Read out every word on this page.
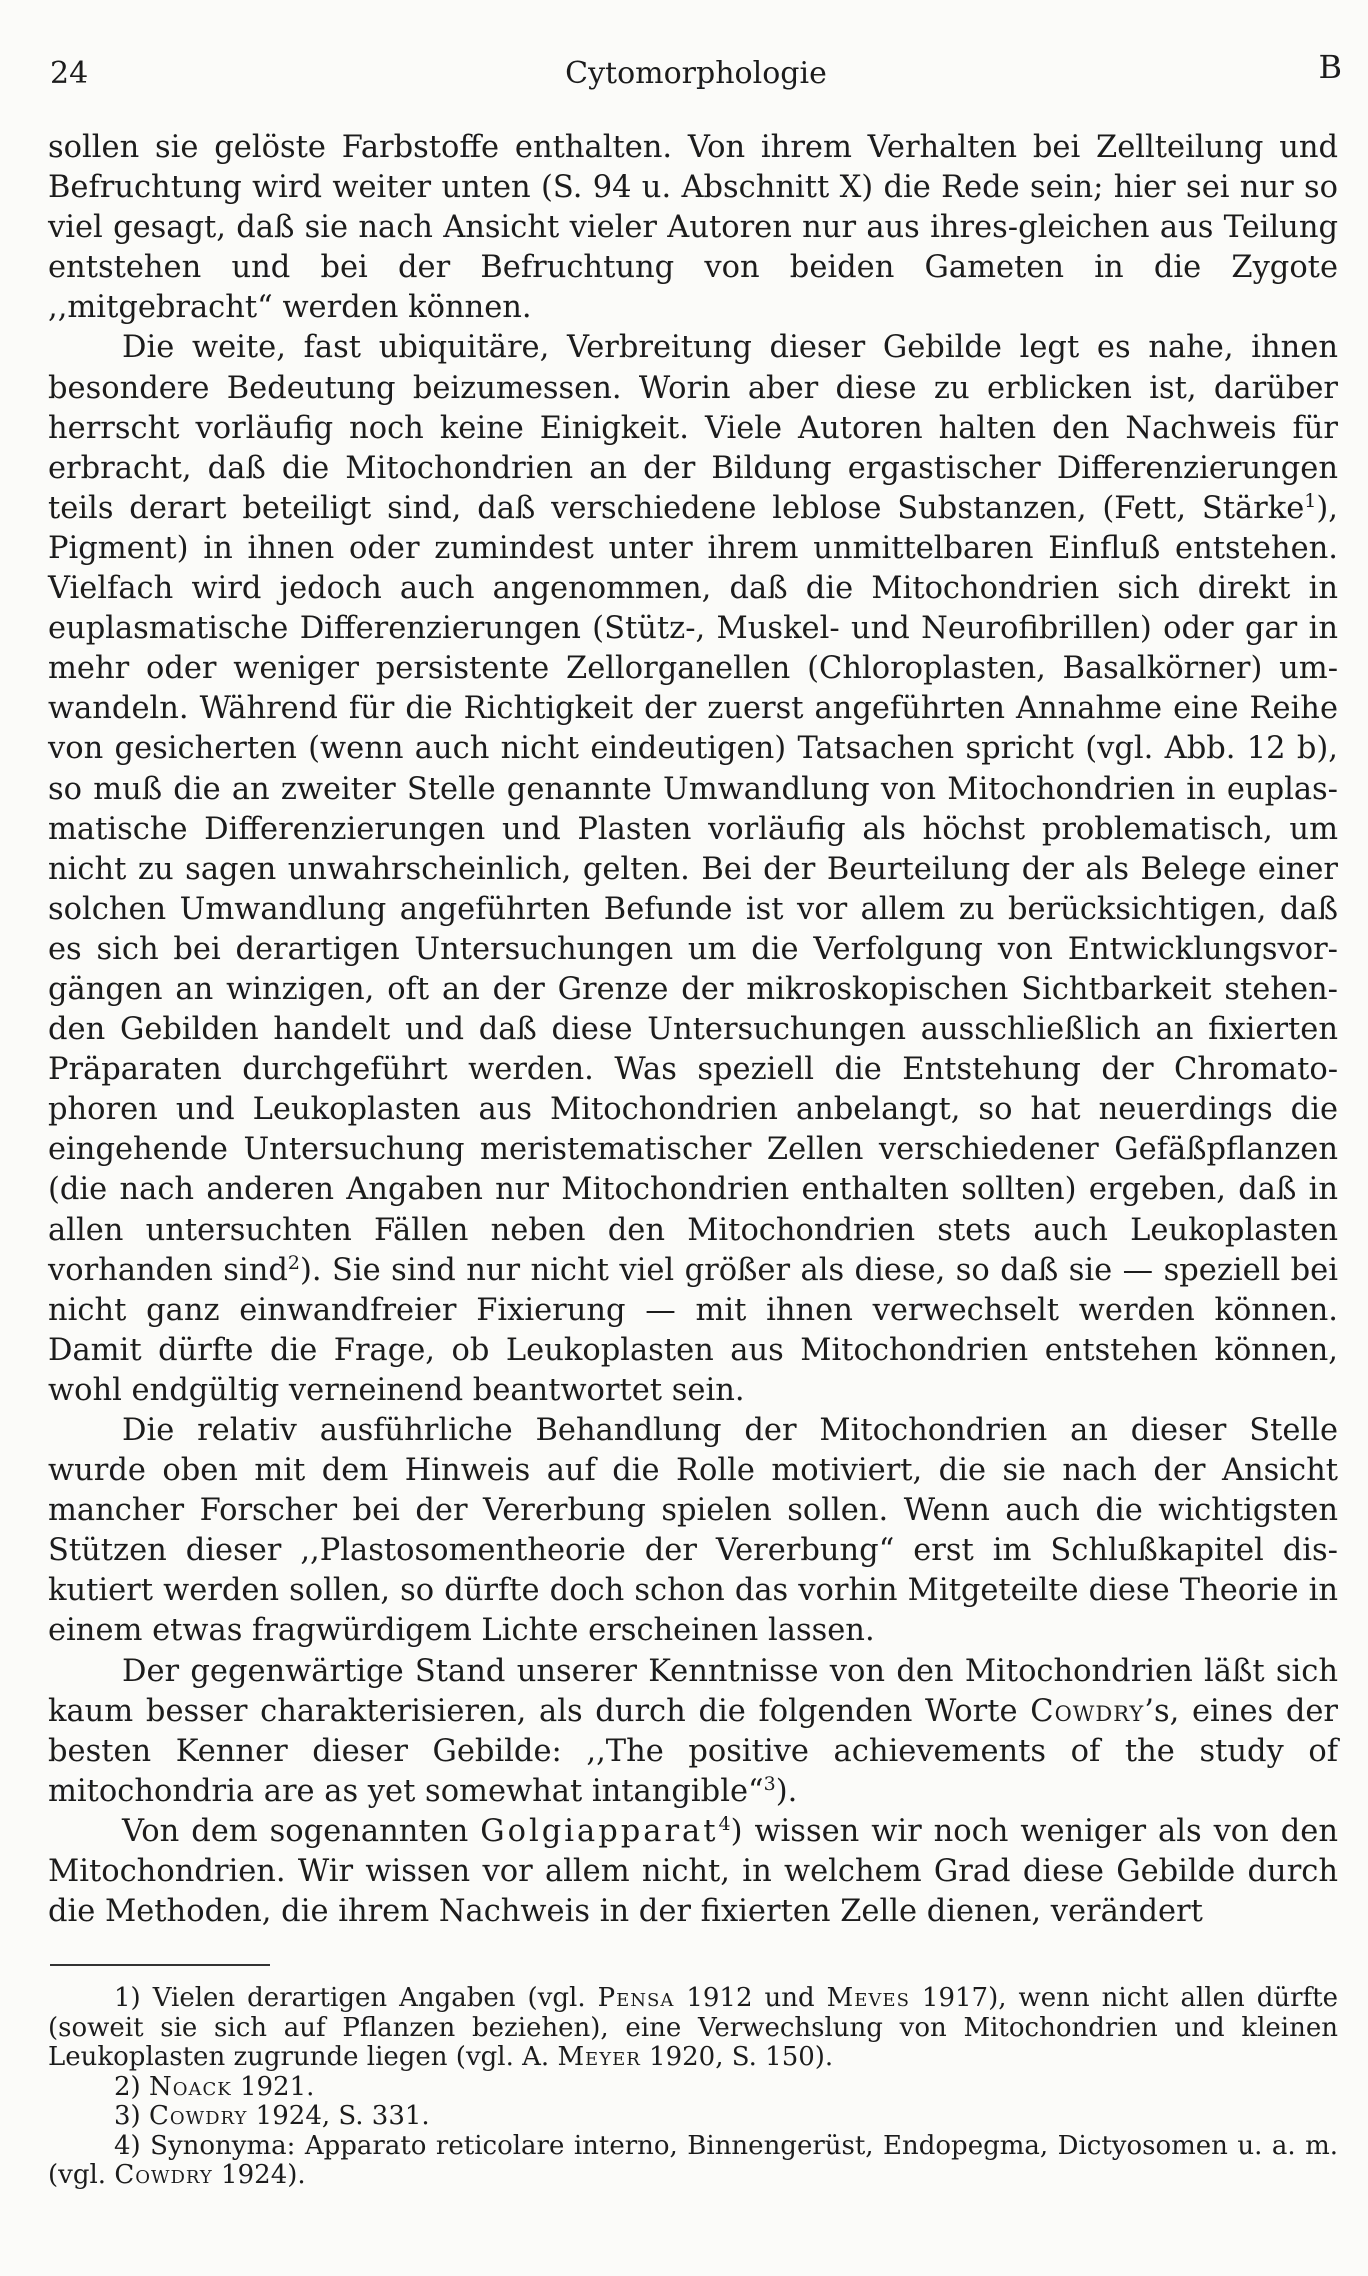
24	Cytomorphologie	B

sollen sie gelöste Farbstoffe enthalten. Von ihrem Verhalten bei Zellteilung und Befruchtung wird weiter unten (S. 94 u. Abschnitt X) die Rede sein; hier sei nur so viel gesagt, daß sie nach Ansicht vieler Autoren nur aus ihres-gleichen aus Teilung entstehen und bei der Befruchtung von beiden Gameten in die Zygote ,,mitgebracht“ werden können.

Die weite, fast ubiquitäre, Verbreitung dieser Gebilde legt es nahe, ihnen besondere Bedeutung beizumessen. Worin aber diese zu erblicken ist, darüber herrscht vorläufig noch keine Einigkeit. Viele Autoren halten den Nachweis für erbracht, daß die Mitochondrien an der Bildung ergastischer Differenzierungen teils derart beteiligt sind, daß verschiedene leblose Substanzen, (Fett, Stärke$^1$), Pigment) in ihnen oder zumindest unter ihrem unmittelbaren Einfluß entstehen. Vielfach wird jedoch auch angenommen, daß die Mitochondrien sich direkt in euplasmatische Differenzierungen (Stütz-, Muskel- und Neurofibrillen) oder gar in mehr oder weniger persistente Zellorganellen (Chloroplasten, Basalkörner) um-wandeln. Während für die Richtigkeit der zuerst angeführten Annahme eine Reihe von gesicherten (wenn auch nicht eindeutigen) Tatsachen spricht (vgl. Abb. 12 b), so muß die an zweiter Stelle genannte Umwandlung von Mitochondrien in euplas-matische Differenzierungen und Plasten vorläufig als höchst problematisch, um nicht zu sagen unwahrscheinlich, gelten. Bei der Beurteilung der als Belege einer solchen Umwandlung angeführten Befunde ist vor allem zu berücksichtigen, daß es sich bei derartigen Untersuchungen um die Verfolgung von Entwicklungsvor-gängen an winzigen, oft an der Grenze der mikroskopischen Sichtbarkeit stehen-den Gebilden handelt und daß diese Untersuchungen ausschließlich an fixierten Präparaten durchgeführt werden. Was speziell die Entstehung der Chromato-phoren und Leukoplasten aus Mitochondrien anbelangt, so hat neuerdings die eingehende Untersuchung meristematischer Zellen verschiedener Gefäßpflanzen (die nach anderen Angaben nur Mitochondrien enthalten sollten) ergeben, daß in allen untersuchten Fällen neben den Mitochondrien stets auch Leukoplasten vorhanden sind$^2$). Sie sind nur nicht viel größer als diese, so daß sie — speziell bei nicht ganz einwandfreier Fixierung — mit ihnen verwechselt werden können. Damit dürfte die Frage, ob Leukoplasten aus Mitochondrien entstehen können, wohl endgültig verneinend beantwortet sein.

Die relativ ausführliche Behandlung der Mitochondrien an dieser Stelle wurde oben mit dem Hinweis auf die Rolle motiviert, die sie nach der Ansicht mancher Forscher bei der Vererbung spielen sollen. Wenn auch die wichtigsten Stützen dieser ,,Plastosomentheorie der Vererbung“ erst im Schlußkapitel dis-kutiert werden sollen, so dürfte doch schon das vorhin Mitgeteilte diese Theorie in einem etwas fragwürdigem Lichte erscheinen lassen.

Der gegenwärtige Stand unserer Kenntnisse von den Mitochondrien läßt sich kaum besser charakterisieren, als durch die folgenden Worte Cowdry’s, eines der besten Kenner dieser Gebilde: ,,The positive achievements of the study of mitochondria are as yet somewhat intangible“$^3$).

Von dem sogenannten Golgiapparat$^4$) wissen wir noch weniger als von den Mitochondrien. Wir wissen vor allem nicht, in welchem Grad diese Gebilde durch die Methoden, die ihrem Nachweis in der fixierten Zelle dienen, verändert

1) Vielen derartigen Angaben (vgl. Pensa 1912 und Meves 1917), wenn nicht allen dürfte (soweit sie sich auf Pflanzen beziehen), eine Verwechslung von Mitochondrien und kleinen Leukoplasten zugrunde liegen (vgl. A. Meyer 1920, S. 150).

2) Noack 1921.

3) Cowdry 1924, S. 331.

4) Synonyma: Apparato reticolare interno, Binnengerüst, Endopegma, Dictyosomen u. a. m. (vgl. Cowdry 1924).
